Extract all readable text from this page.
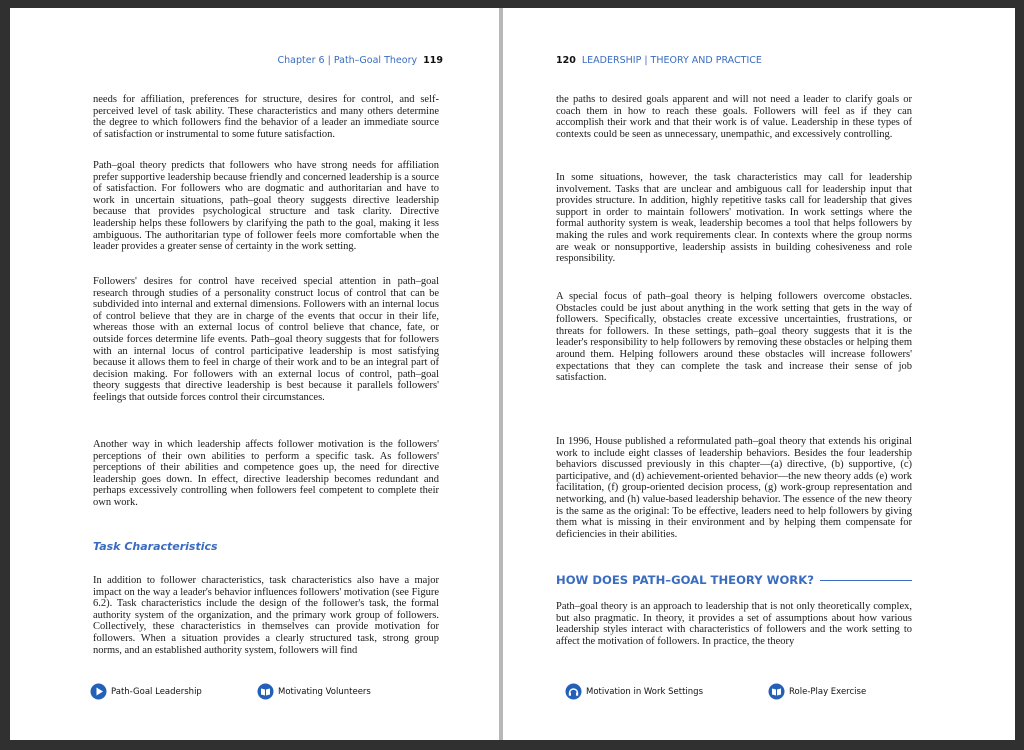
Chapter 6 | Path–Goal Theory 119

needs for affiliation, preferences for structure, desires for control, and self-perceived level of task ability. These characteristics and many others determine the degree to which followers find the behavior of a leader an immediate source of satisfaction or instrumental to some future satisfaction.

Path–goal theory predicts that followers who have strong needs for affiliation prefer supportive leadership because friendly and concerned leadership is a source of satisfaction. For followers who are dogmatic and authoritarian and have to work in uncertain situations, path–goal theory suggests directive leadership because that provides psychological structure and task clarity. Directive leadership helps these followers by clarifying the path to the goal, making it less ambiguous. The authoritarian type of follower feels more comfortable when the leader provides a greater sense of certainty in the work setting.

Followers' desires for control have received special attention in path–goal research through studies of a personality construct locus of control that can be subdivided into internal and external dimensions. Followers with an internal locus of control believe that they are in charge of the events that occur in their life, whereas those with an external locus of control believe that chance, fate, or outside forces determine life events. Path–goal theory suggests that for followers with an internal locus of control participative leadership is most satisfying because it allows them to feel in charge of their work and to be an integral part of decision making. For followers with an external locus of control, path–goal theory suggests that directive leadership is best because it parallels followers' feelings that outside forces control their circumstances.

Another way in which leadership affects follower motivation is the followers' perceptions of their own abilities to perform a specific task. As followers' perceptions of their abilities and competence goes up, the need for directive leadership goes down. In effect, directive leadership becomes redundant and perhaps excessively controlling when followers feel competent to complete their own work.

Task Characteristics

In addition to follower characteristics, task characteristics also have a major impact on the way a leader's behavior influences followers' motivation (see Figure 6.2). Task characteristics include the design of the follower's task, the formal authority system of the organization, and the primary work group of followers. Collectively, these characteristics in themselves can provide motivation for followers. When a situation provides a clearly structured task, strong group norms, and an established authority system, followers will find

Path-Goal Leadership	Motivating Volunteers
120 LEADERSHIP | THEORY AND PRACTICE

the paths to desired goals apparent and will not need a leader to clarify goals or coach them in how to reach these goals. Followers will feel as if they can accomplish their work and that their work is of value. Leadership in these types of contexts could be seen as unnecessary, unempathic, and excessively controlling.

In some situations, however, the task characteristics may call for leadership involvement. Tasks that are unclear and ambiguous call for leadership input that provides structure. In addition, highly repetitive tasks call for leadership that gives support in order to maintain followers' motivation. In work settings where the formal authority system is weak, leadership becomes a tool that helps followers by making the rules and work requirements clear. In contexts where the group norms are weak or nonsupportive, leadership assists in building cohesiveness and role responsibility.

A special focus of path–goal theory is helping followers overcome obstacles. Obstacles could be just about anything in the work setting that gets in the way of followers. Specifically, obstacles create excessive uncertainties, frustrations, or threats for followers. In these settings, path–goal theory suggests that it is the leader's responsibility to help followers by removing these obstacles or helping them around them. Helping followers around these obstacles will increase followers' expectations that they can complete the task and increase their sense of job satisfaction.

In 1996, House published a reformulated path–goal theory that extends his original work to include eight classes of leadership behaviors. Besides the four leadership behaviors discussed previously in this chapter—(a) directive, (b) supportive, (c) participative, and (d) achievement-oriented behavior—the new theory adds (e) work facilitation, (f) group-oriented decision process, (g) work-group representation and networking, and (h) value-based leadership behavior. The essence of the new theory is the same as the original: To be effective, leaders need to help followers by giving them what is missing in their environment and by helping them compensate for deficiencies in their abilities.

HOW DOES PATH–GOAL THEORY WORK?

Path–goal theory is an approach to leadership that is not only theoretically complex, but also pragmatic. In theory, it provides a set of assumptions about how various leadership styles interact with characteristics of followers and the work setting to affect the motivation of followers. In practice, the theory

Motivation in Work Settings	Role-Play Exercise
